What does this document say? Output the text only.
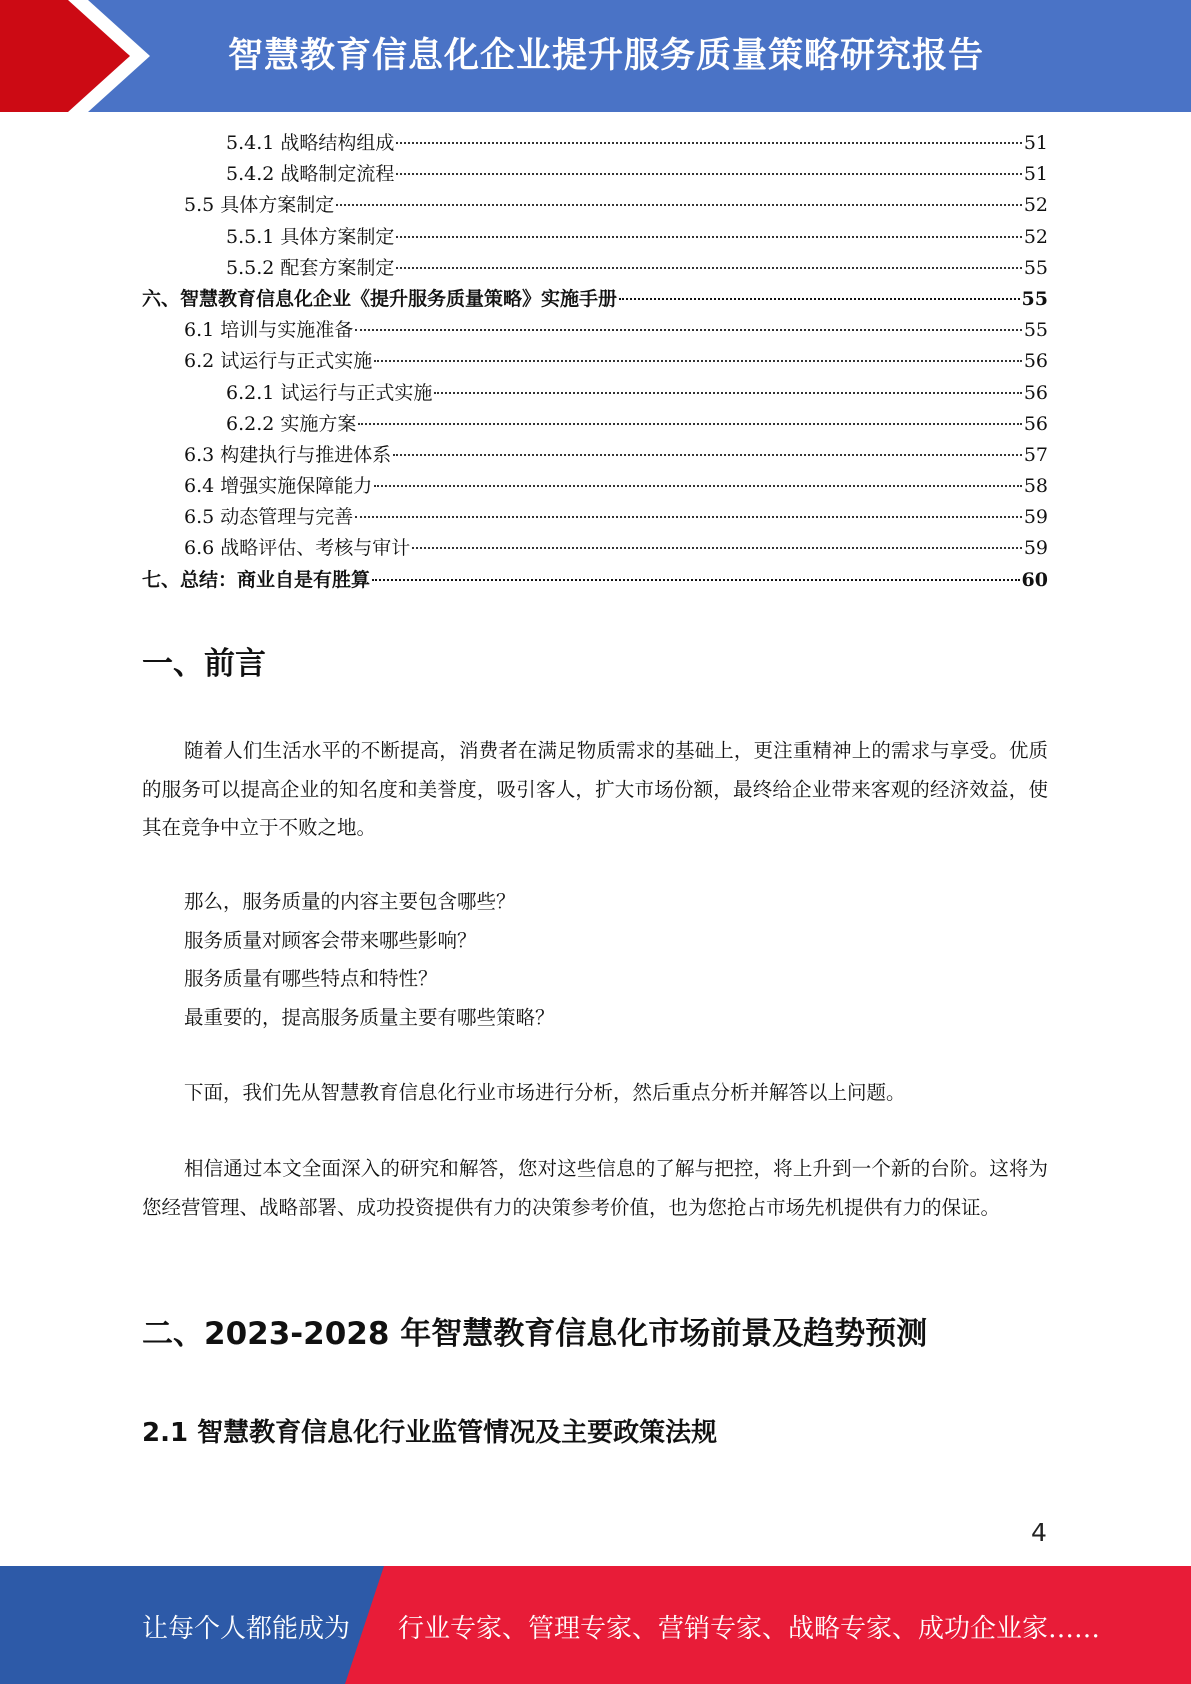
智慧教育信息化企业提升服务质量策略研究报告
5.4.1 战略结构组成	51
5.4.2 战略制定流程	51
5.5 具体方案制定	52
5.5.1 具体方案制定	52
5.5.2 配套方案制定	55
六、智慧教育信息化企业《提升服务质量策略》实施手册	55
6.1 培训与实施准备	55
6.2 试运行与正式实施	56
6.2.1 试运行与正式实施	56
6.2.2 实施方案	56
6.3 构建执行与推进体系	57
6.4 增强实施保障能力	58
6.5 动态管理与完善	59
6.6 战略评估、考核与审计	59
七、总结：商业自是有胜算	60
一、前言

随着人们生活水平的不断提高，消费者在满足物质需求的基础上，更注重精神上的需求与享受。优质的服务可以提高企业的知名度和美誉度，吸引客人，扩大市场份额，最终给企业带来客观的经济效益，使其在竞争中立于不败之地。

那么，服务质量的内容主要包含哪些？
服务质量对顾客会带来哪些影响？
服务质量有哪些特点和特性？
最重要的，提高服务质量主要有哪些策略？

下面，我们先从智慧教育信息化行业市场进行分析，然后重点分析并解答以上问题。

相信通过本文全面深入的研究和解答，您对这些信息的了解与把控，将上升到一个新的台阶。这将为您经营管理、战略部署、成功投资提供有力的决策参考价值，也为您抢占市场先机提供有力的保证。

二、2023-2028 年智慧教育信息化市场前景及趋势预测
2.1 智慧教育信息化行业监管情况及主要政策法规
4
让每个人都能成为 行业专家、管理专家、营销专家、战略专家、成功企业家……
